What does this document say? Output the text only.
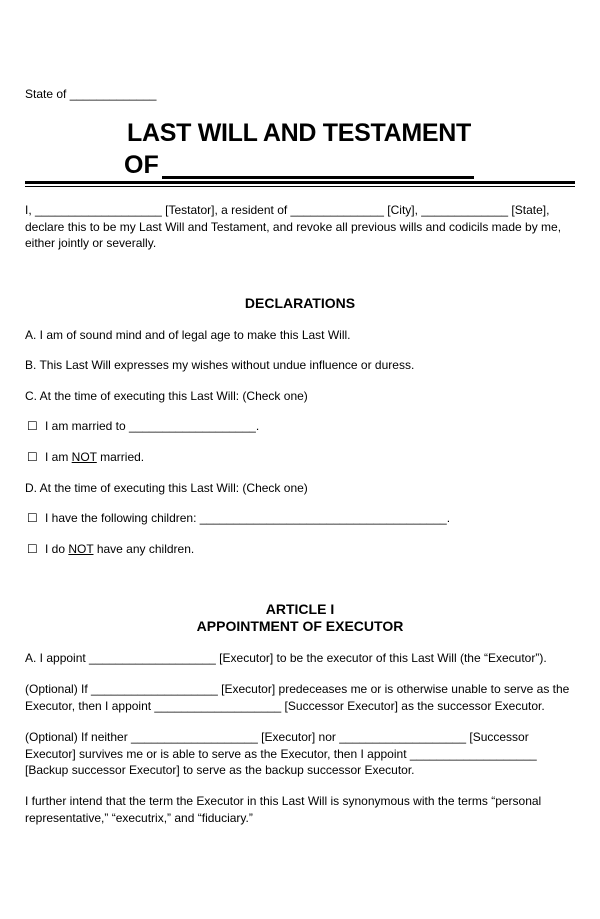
State of _____________
LAST WILL AND TESTAMENT
OF
I, ___________________ [Testator], a resident of ______________ [City], _____________ [State], declare this to be my Last Will and Testament, and revoke all previous wills and codicils made by me, either jointly or severally.
DECLARATIONS
A. I am of sound mind and of legal age to make this Last Will.
B. This Last Will expresses my wishes without undue influence or duress.
C. At the time of executing this Last Will: (Check one)
☐ I am married to ___________________.
☐ I am NOT married.
D. At the time of executing this Last Will: (Check one)
☐ I have the following children: _____________________________________.
☐ I do NOT have any children.
ARTICLE I
APPOINTMENT OF EXECUTOR
A. I appoint ___________________ [Executor] to be the executor of this Last Will (the “Executor”).
(Optional) If ___________________ [Executor] predeceases me or is otherwise unable to serve as the Executor, then I appoint ___________________ [Successor Executor] as the successor Executor.
(Optional) If neither ___________________ [Executor] nor ___________________ [Successor Executor] survives me or is able to serve as the Executor, then I appoint ___________________ [Backup successor Executor] to serve as the backup successor Executor.
I further intend that the term the Executor in this Last Will is synonymous with the terms “personal representative,” “executrix,” and “fiduciary.”
